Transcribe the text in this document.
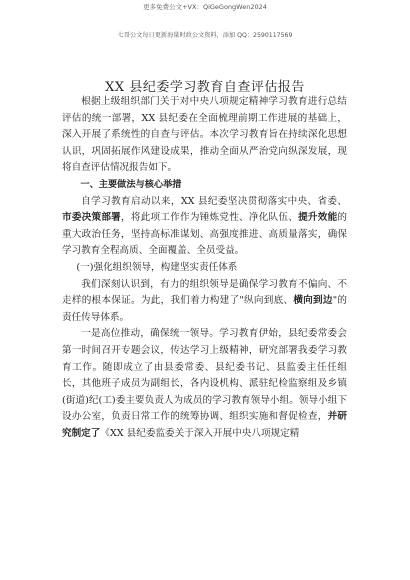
更多免费公文+VX：QiGeGongWen2024
七哥公文每日更新海量时政公文资料，添加 QQ：2590117569
XX 县纪委学习教育自查评估报告

根据上级组织部门关于对中央八项规定精神学习教育进行总结评估的统一部署，XX 县纪委在全面梳理前期工作进展的基础上，深入开展了系统性的自查与评估。本次学习教育旨在持续深化思想认识，巩固拓展作风建设成果，推动全面从严治党向纵深发展，现将自查评估情况报告如下。

一、主要做法与核心举措

自学习教育启动以来，XX 县纪委坚决贯彻落实中央、省委、市委决策部署，将此项工作作为锤炼党性、净化队伍、提升效能的重大政治任务，坚持高标准谋划、高强度推进、高质量落实，确保学习教育全程高质、全面覆盖、全员受益。

(一)强化组织领导，构建坚实责任体系

我们深刻认识到，有力的组织领导是确保学习教育不偏向、不走样的根本保证。为此，我们着力构建了"纵向到底、横向到边"的责任传导体系。

一是高位推动，确保统一领导。学习教育伊始，县纪委常委会第一时间召开专题会议，传达学习上级精神，研究部署我委学习教育工作。随即成立了由县委常委、县纪委书记、县监委主任任组长，其他班子成员为副组长，各内设机构、派驻纪检监察组及乡镇(街道)纪(工)委主要负责人为成员的学习教育领导小组。领导小组下设办公室，负责日常工作的统筹协调、组织实施和督促检查，并研究制定了《XX 县纪委监委关于深入开展中央八项规定精
